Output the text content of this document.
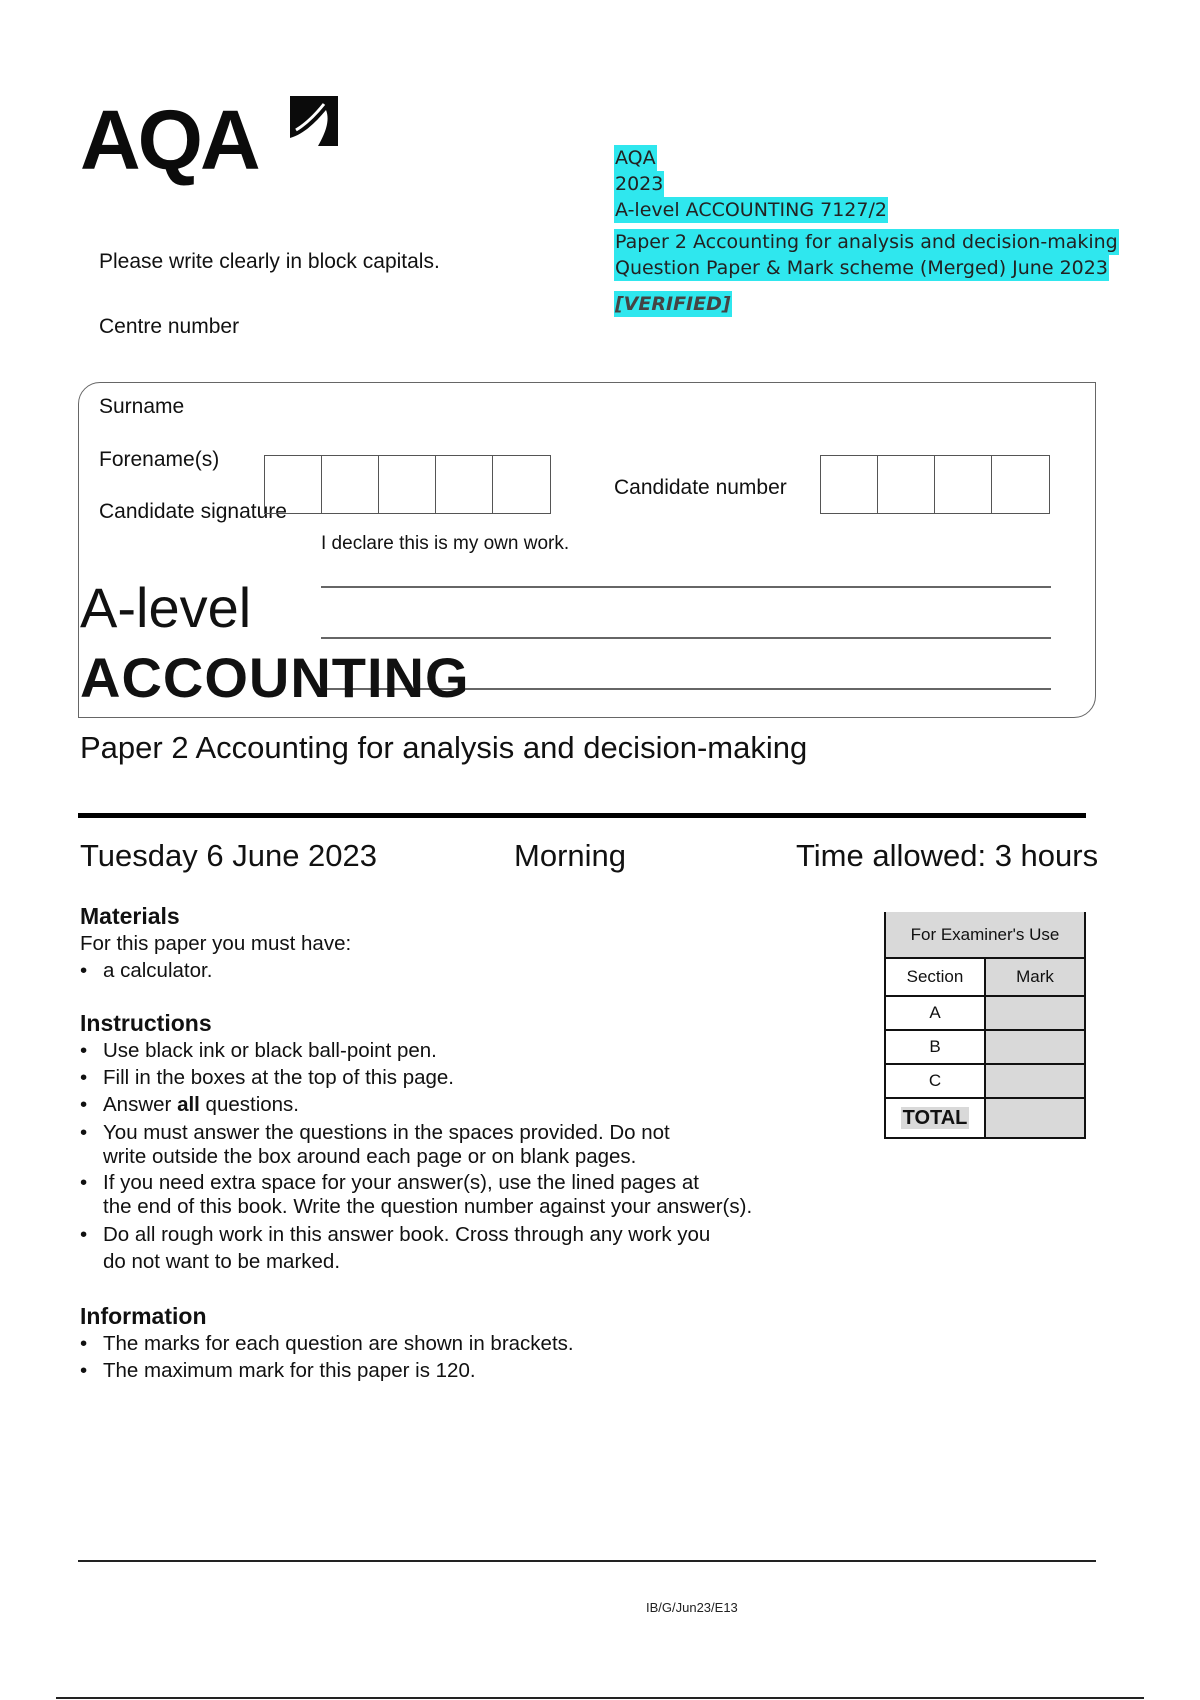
AQA	AQA
2023
A-level ACCOUNTING 7127/2
Paper 2 Accounting for analysis and decision-making
Question Paper & Mark scheme (Merged) June 2023
[VERIFIED]
Please write clearly in block capitals.
Centre number
Surname
Forename(s)
Candidate signature
Candidate number
I declare this is my own work.
A-level
ACCOUNTING
Paper 2 Accounting for analysis and decision-making
Tuesday 6 June 2023	Morning	Time allowed: 3 hours
Materials
For this paper you must have:
• a calculator.
Instructions
• Use black ink or black ball-point pen.
• Fill in the boxes at the top of this page.
• Answer all questions.
• You must answer the questions in the spaces provided. Do not
write outside the box around each page or on blank pages.
• If you need extra space for your answer(s), use the lined pages at
the end of this book. Write the question number against your answer(s).
• Do all rough work in this answer book. Cross through any work you
do not want to be marked.
Information
• The marks for each question are shown in brackets.
• The maximum mark for this paper is 120.
For Examiner's Use	
Section	Mark
A	
B	
C	
TOTAL	
IB/G/Jun23/E13
